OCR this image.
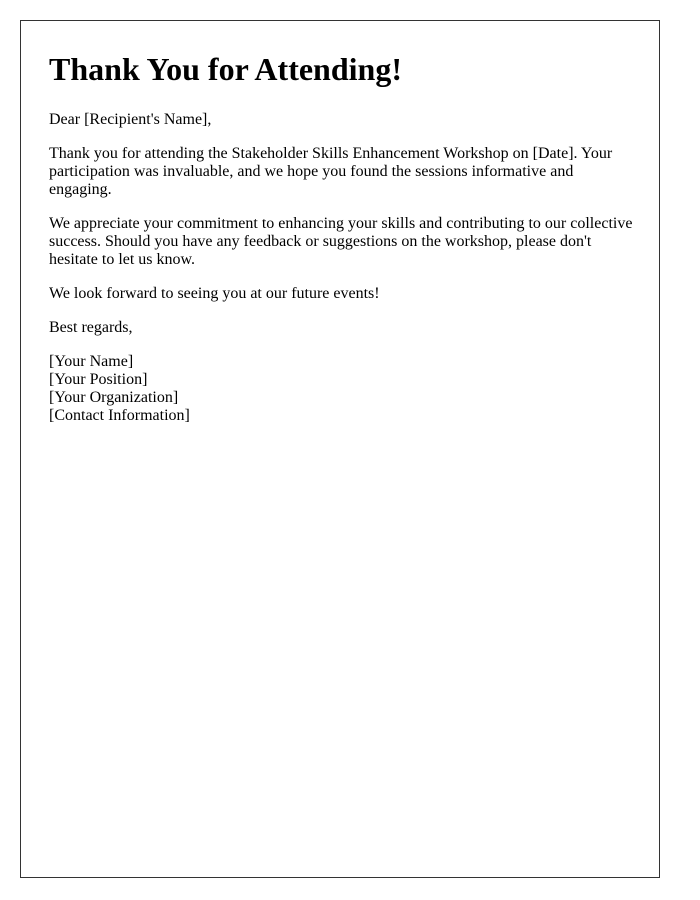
Thank You for Attending!

Dear [Recipient's Name],

Thank you for attending the Stakeholder Skills Enhancement Workshop on [Date]. Your participation was invaluable, and we hope you found the sessions informative and engaging.

We appreciate your commitment to enhancing your skills and contributing to our collective success. Should you have any feedback or suggestions on the workshop, please don't hesitate to let us know.

We look forward to seeing you at our future events!

Best regards,

[Your Name]

[Your Position]

[Your Organization]

[Contact Information]
